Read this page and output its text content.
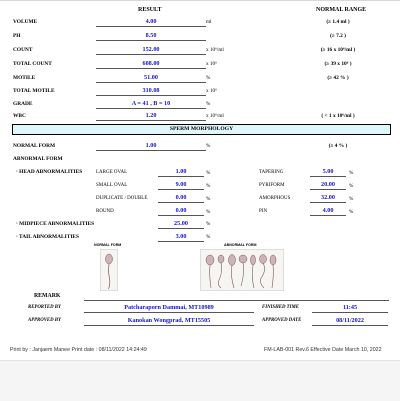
RESULT	NORMAL RANGE
VOLUME	4.00	ml	(≥ 1.4 ml )
PH	8.50	(≥ 7.2 )
COUNT	152.00	x 10⁶/ml	(≥ 16 x 10⁶/ml )
TOTAL COUNT	608.00	x 10⁶	(≥ 39 x 10⁶ )
MOTILE	51.00	%	(≥ 42 % )
TOTAL MOTILE	310.08	x 10⁶
GRADE	A = 41 , B = 10	%
WBC	1.20	x 10⁶/ml	( < 1 x 10⁶/ml )
SPERM MORPHOLOGY
NORMAL FORM	1.00	%	(≥ 4 % )
ABNORMAL FORM
· HEAD ABNORMALITIES	LARGE OVAL	1.00	%
SMALL OVAL	9.00	%
DUPLICATE / DOUBLE	0.00	%
ROUND	0.00	%
TAPERING	5.00	%
PYRIFORM	20.00	%
AMORPHOUS	32.00	%
PIN	4.00	%
· MIDPIECE ABNORMALITIES	25.00	%
· TAIL ABNORMALITIES	3.00	%
NORMAL FORM	ABNORMAL FORM
REMARK
REPORTED BY	Patcharaporn Dammai, MT10989	FINISHED TIME	11:45
APPROVED BY	Kanokan Wongprad, MT15505	APPROVED DATE	08/11/2022
Print by : Janjaem Manee Print date : 08/11/2022 14:24:49	FM-LAB-001 Rev.6 Effective Date March 10, 2022
